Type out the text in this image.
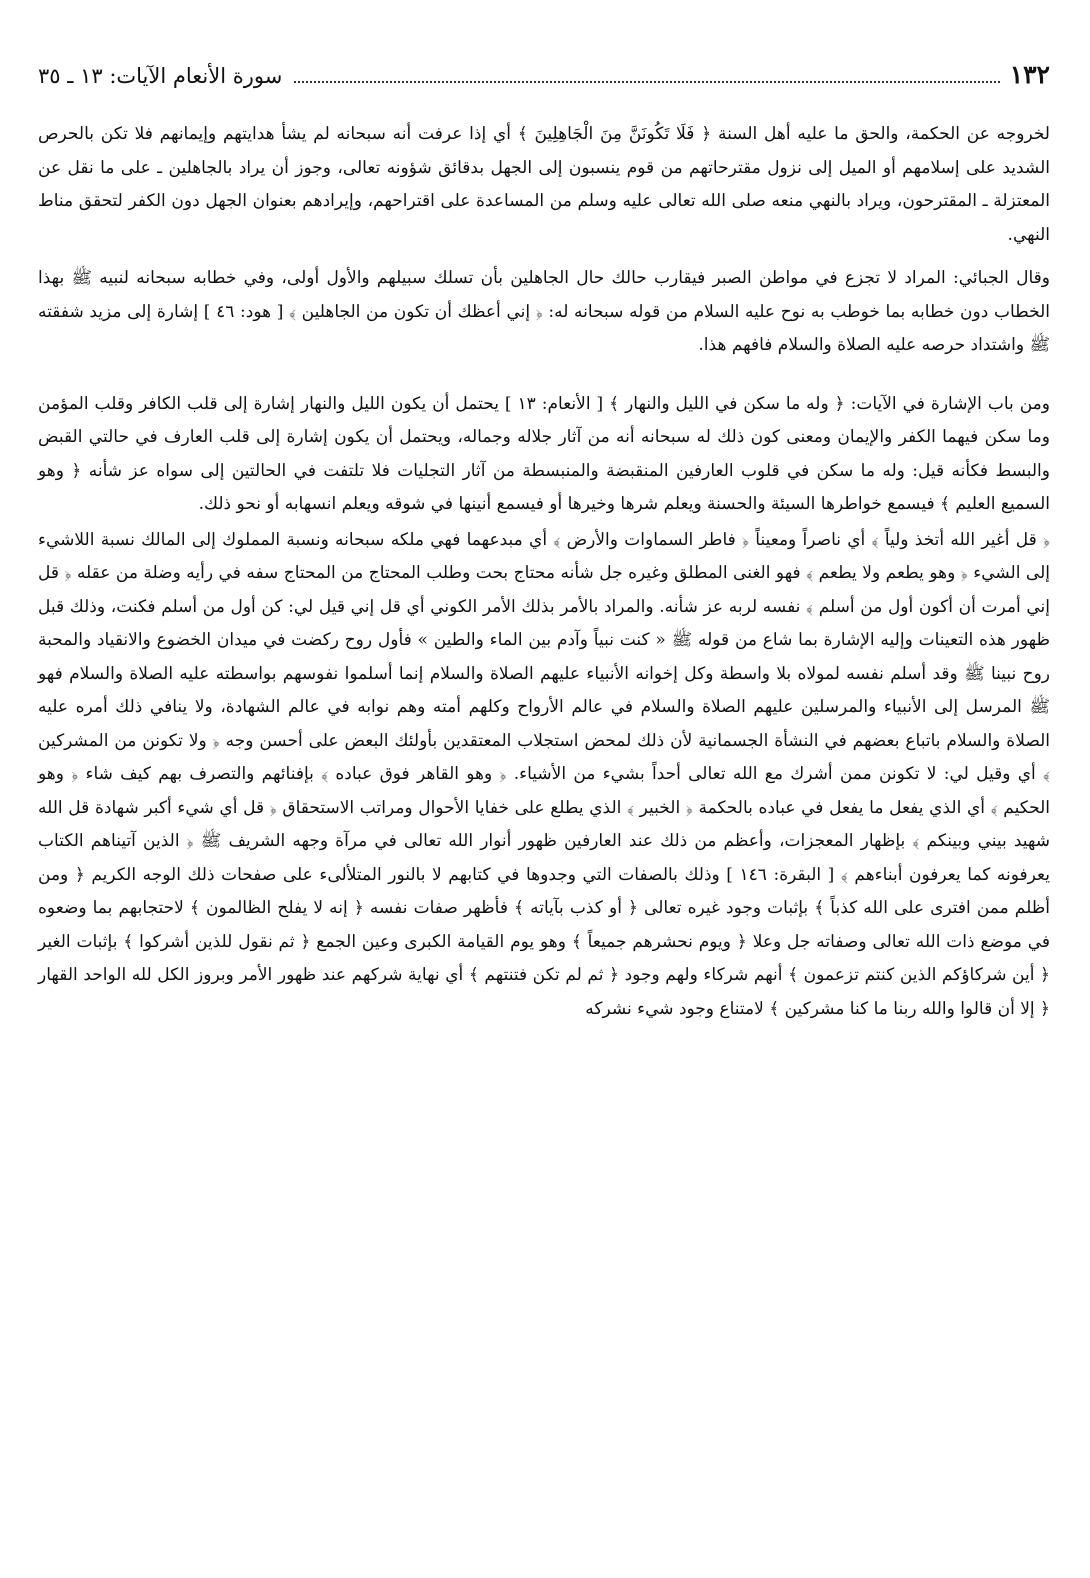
١٣٢
سورة الأنعام الآيات: ١٣ ـ ٣٥

لخروجه عن الحكمة، والحق ما عليه أهل السنة ﴿ فَلَا تَكُونَنَّ مِنَ الْجَاهِلِينَ ﴾ أي إذا عرفت أنه سبحانه لم يشأ هدايتهم وإيمانهم فلا تكن بالحرص الشديد على إسلامهم أو الميل إلى نزول مقترحاتهم من قوم ينسبون إلى الجهل بدقائق شؤونه تعالى، وجوز أن يراد بالجاهلين ـ على ما نقل عن المعتزلة ـ المقترحون، ويراد بالنهي منعه صلى الله تعالى عليه وسلم من المساعدة على اقتراحهم، وإيرادهم بعنوان الجهل دون الكفر لتحقق مناط النهي.

وقال الجبائي: المراد لا تجزع في مواطن الصبر فيقارب حالك حال الجاهلين بأن تسلك سبيلهم والأول أولى، وفي خطابه سبحانه لنبيه ﷺ بهذا الخطاب دون خطابه بما خوطب به نوح عليه السلام من قوله سبحانه له: ﴿ إني أعظك أن تكون من الجاهلين ﴾ [ هود: ٤٦ ] إشارة إلى مزيد شفقته ﷺ واشتداد حرصه عليه الصلاة والسلام فافهم هذا.

ومن باب الإشارة في الآيات: ﴿ وله ما سكن في الليل والنهار ﴾ [ الأنعام: ١٣ ] يحتمل أن يكون الليل والنهار إشارة إلى قلب الكافر وقلب المؤمن وما سكن فيهما الكفر والإيمان ومعنى كون ذلك له سبحانه أنه من آثار جلاله وجماله، ويحتمل أن يكون إشارة إلى قلب العارف في حالتي القبض والبسط فكأنه قيل: وله ما سكن في قلوب العارفين المنقبضة والمنبسطة من آثار التجليات فلا تلتفت في الحالتين إلى سواه عز شأنه ﴿ وهو السميع العليم ﴾ فيسمع خواطرها السيئة والحسنة ويعلم شرها وخيرها أو فيسمع أنينها في شوقه ويعلم انسهابه أو نحو ذلك.

﴿ قل أغير الله أتخذ ولياً ﴾ أي ناصراً ومعيناً ﴿ فاطر السماوات والأرض ﴾ أي مبدعهما فهي ملكه سبحانه ونسبة المملوك إلى المالك نسبة اللاشيء إلى الشيء ﴿ وهو يطعم ولا يطعم ﴾ فهو الغنى المطلق وغيره جل شأنه محتاج بحت وطلب المحتاج من المحتاج سفه في رأيه وضلة من عقله ﴿ قل إني أمرت أن أكون أول من أسلم ﴾ نفسه لربه عز شأنه. والمراد بالأمر بذلك الأمر الكوني أي قل إني قيل لي: كن أول من أسلم فكنت، وذلك قبل ظهور هذه التعينات وإليه الإشارة بما شاع من قوله ﷺ « كنت نبياً وآدم بين الماء والطين » فأول روح ركضت في ميدان الخضوع والانقياد والمحبة روح نبينا ﷺ وقد أسلم نفسه لمولاه بلا واسطة وكل إخوانه الأنبياء عليهم الصلاة والسلام إنما أسلموا نفوسهم بواسطته عليه الصلاة والسلام فهو ﷺ المرسل إلى الأنبياء والمرسلين عليهم الصلاة والسلام في عالم الأرواح وكلهم أمته وهم نوابه في عالم الشهادة، ولا ينافي ذلك أمره عليه الصلاة والسلام باتباع بعضهم في النشأة الجسمانية لأن ذلك لمحض استجلاب المعتقدين بأولئك البعض على أحسن وجه ﴿ ولا تكونن من المشركين ﴾ أي وقيل لي: لا تكونن ممن أشرك مع الله تعالى أحداً بشيء من الأشياء. ﴿ وهو القاهر فوق عباده ﴾ بإفنائهم والتصرف بهم كيف شاء ﴿ وهو الحكيم ﴾ أي الذي يفعل ما يفعل في عباده بالحكمة ﴿ الخبير ﴾ الذي يطلع على خفايا الأحوال ومراتب الاستحقاق ﴿ قل أي شيء أكبر شهادة قل الله شهيد بيني وبينكم ﴾ بإظهار المعجزات، وأعظم من ذلك عند العارفين ظهور أنوار الله تعالى في مرآة وجهه الشريف ﷺ ﴿ الذين آتيناهم الكتاب يعرفونه كما يعرفون أبناءهم ﴾ [ البقرة: ١٤٦ ] وذلك بالصفات التي وجدوها في كتابهم لا بالنور المتلألىء على صفحات ذلك الوجه الكريم ﴿ ومن أظلم ممن افترى على الله كذباً ﴾ بإثبات وجود غيره تعالى ﴿ أو كذب بآياته ﴾ فأظهر صفات نفسه ﴿ إنه لا يفلح الظالمون ﴾ لاحتجابهم بما وضعوه في موضع ذات الله تعالى وصفاته جل وعلا ﴿ ويوم نحشرهم جميعاً ﴾ وهو يوم القيامة الكبرى وعين الجمع ﴿ ثم نقول للذين أشركوا ﴾ بإثبات الغير ﴿ أين شركاؤكم الذين كنتم تزعمون ﴾ أنهم شركاء ولهم وجود ﴿ ثم لم تكن فتنتهم ﴾ أي نهاية شركهم عند ظهور الأمر وبروز الكل لله الواحد القهار ﴿ إلا أن قالوا والله ربنا ما كنا مشركين ﴾ لامتناع وجود شيء نشركه
